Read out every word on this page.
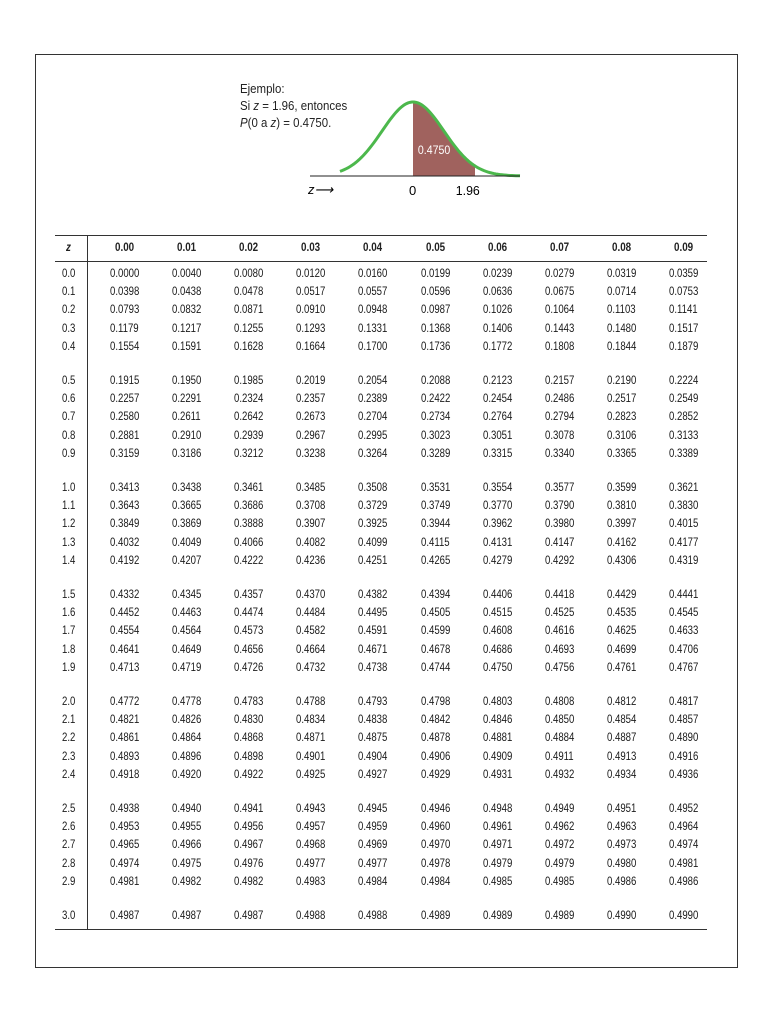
Ejemplo:
Si z = 1.96, entonces
P(0 a z) = 0.4750.
0.4750
z⟶	0	1.96
z	0.00	0.01	0.02	0.03	0.04	0.05	0.06	0.07	0.08	0.09
0.0	0.0000	0.0040	0.0080	0.0120	0.0160	0.0199	0.0239	0.0279	0.0319	0.0359
0.1	0.0398	0.0438	0.0478	0.0517	0.0557	0.0596	0.0636	0.0675	0.0714	0.0753
0.2	0.0793	0.0832	0.0871	0.0910	0.0948	0.0987	0.1026	0.1064	0.1103	0.1141
0.3	0.1179	0.1217	0.1255	0.1293	0.1331	0.1368	0.1406	0.1443	0.1480	0.1517
0.4	0.1554	0.1591	0.1628	0.1664	0.1700	0.1736	0.1772	0.1808	0.1844	0.1879
0.5	0.1915	0.1950	0.1985	0.2019	0.2054	0.2088	0.2123	0.2157	0.2190	0.2224
0.6	0.2257	0.2291	0.2324	0.2357	0.2389	0.2422	0.2454	0.2486	0.2517	0.2549
0.7	0.2580	0.2611	0.2642	0.2673	0.2704	0.2734	0.2764	0.2794	0.2823	0.2852
0.8	0.2881	0.2910	0.2939	0.2967	0.2995	0.3023	0.3051	0.3078	0.3106	0.3133
0.9	0.3159	0.3186	0.3212	0.3238	0.3264	0.3289	0.3315	0.3340	0.3365	0.3389
1.0	0.3413	0.3438	0.3461	0.3485	0.3508	0.3531	0.3554	0.3577	0.3599	0.3621
1.1	0.3643	0.3665	0.3686	0.3708	0.3729	0.3749	0.3770	0.3790	0.3810	0.3830
1.2	0.3849	0.3869	0.3888	0.3907	0.3925	0.3944	0.3962	0.3980	0.3997	0.4015
1.3	0.4032	0.4049	0.4066	0.4082	0.4099	0.4115	0.4131	0.4147	0.4162	0.4177
1.4	0.4192	0.4207	0.4222	0.4236	0.4251	0.4265	0.4279	0.4292	0.4306	0.4319
1.5	0.4332	0.4345	0.4357	0.4370	0.4382	0.4394	0.4406	0.4418	0.4429	0.4441
1.6	0.4452	0.4463	0.4474	0.4484	0.4495	0.4505	0.4515	0.4525	0.4535	0.4545
1.7	0.4554	0.4564	0.4573	0.4582	0.4591	0.4599	0.4608	0.4616	0.4625	0.4633
1.8	0.4641	0.4649	0.4656	0.4664	0.4671	0.4678	0.4686	0.4693	0.4699	0.4706
1.9	0.4713	0.4719	0.4726	0.4732	0.4738	0.4744	0.4750	0.4756	0.4761	0.4767
2.0	0.4772	0.4778	0.4783	0.4788	0.4793	0.4798	0.4803	0.4808	0.4812	0.4817
2.1	0.4821	0.4826	0.4830	0.4834	0.4838	0.4842	0.4846	0.4850	0.4854	0.4857
2.2	0.4861	0.4864	0.4868	0.4871	0.4875	0.4878	0.4881	0.4884	0.4887	0.4890
2.3	0.4893	0.4896	0.4898	0.4901	0.4904	0.4906	0.4909	0.4911	0.4913	0.4916
2.4	0.4918	0.4920	0.4922	0.4925	0.4927	0.4929	0.4931	0.4932	0.4934	0.4936
2.5	0.4938	0.4940	0.4941	0.4943	0.4945	0.4946	0.4948	0.4949	0.4951	0.4952
2.6	0.4953	0.4955	0.4956	0.4957	0.4959	0.4960	0.4961	0.4962	0.4963	0.4964
2.7	0.4965	0.4966	0.4967	0.4968	0.4969	0.4970	0.4971	0.4972	0.4973	0.4974
2.8	0.4974	0.4975	0.4976	0.4977	0.4977	0.4978	0.4979	0.4979	0.4980	0.4981
2.9	0.4981	0.4982	0.4982	0.4983	0.4984	0.4984	0.4985	0.4985	0.4986	0.4986
3.0	0.4987	0.4987	0.4987	0.4988	0.4988	0.4989	0.4989	0.4989	0.4990	0.4990
